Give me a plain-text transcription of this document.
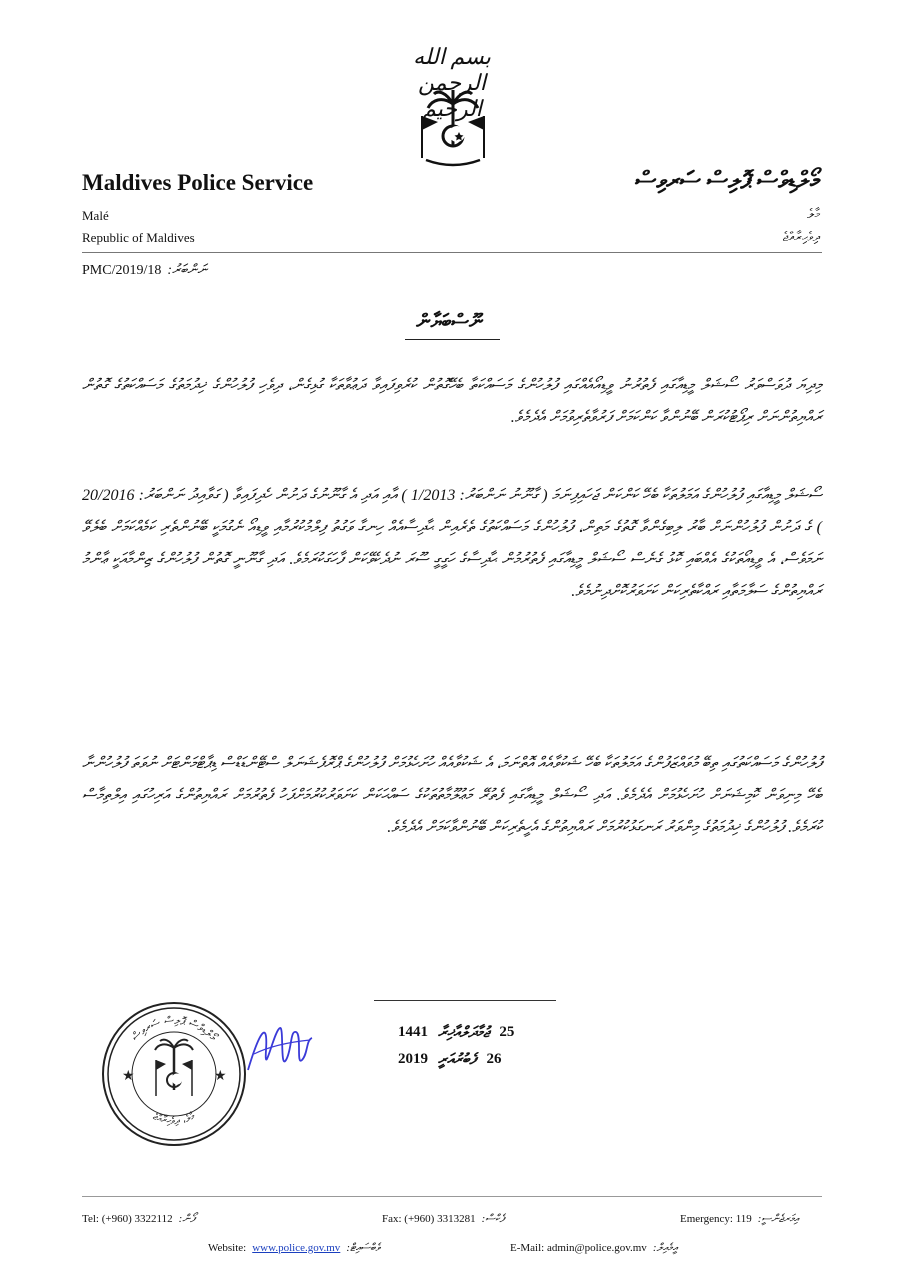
بسم الله الرحمن الرحيم
Maldives Police Service	މޯލްޑިވްސް ޕޮލިސް ސަރވިސް
Malé	މާލެ
Republic of Maldives	ދިވެހިރާއްޖެ
PMC/2019/18 ނަންބަރު:
ނޫސްބަޔާން
މިދިޔަ ދުވަސްވަރު ސޯޝަލް މީޑިއާގައި ފެތުރުނު ވީޑިއޯއެއްގައި ފުލުހުންގެ މަސައްކަތާ ބެހޭގޮތުން ކުރެވިފައިވާ ދަޢުވާތަކާ ގުޅިގެން، ދިވެހި ފުލުހުންގެ ޚިދުމަތުގެ މަސައްކަތުގެ ގޮތުން ރައްޔިތުންނަށް ރިޕޯޓުކުރަން ބޭނުންވާ ކަންކަމަށް ފަރުވާތެރިވުމަށް އެދެމެވެ.
ސޯޝަލް މީޑިއާގައި ފުލުހުންގެ އަމަލުތަކާ ބެހޭ ކަންކަން ޖަހައިފިނަމަ ( ގާނޫނު ނަންބަރު: 1/2013 ) އާއި އަދި އެ ގާނޫނުގެ ދަށުން ހެދިފައިވާ ( ގަވާއިދު ނަންބަރު: 20/2016 ) ގެ ދަށުން ފުލުހުންނަށް ބާރު ލިބިގެންވާ ގޮތުގެ މަތިން، ފުލުހުންގެ މަސައްކަތުގެ ތެރެއިން ޙާދިސާއެއް ހިނގާ ވަގުތު ފިލްމުކުރުމާއި ވީޑިއޯ ނެގުމަކީ ބޭނުންތެރި ކަމެއްކަމަށް ބެލެވޭ ނަމަވެސް، އެ ވީޑިއޯތަކުގެ އެއްބައި ކޮޅު ގެނެސް ސޯޝަލް މީޑިއާގައި ފެތުރުމުން ޙާދިސާގެ ހަގީގީ ސޫރަ ނުދެކެވޭކަން ފާހަގަކުރަމެވެ. އަދި ގާނޫނީ ގޮތުން ފުލުހުންގެ ޒިންމާއަކީ ޢާންމު ރައްޔިތުންގެ ސަލާމަތާއި ރައްކާތެރިކަން ކަށަވަރުކޮށްދިނުމެވެ.
ފުލުހުންގެ މަސައްކަތުގައި ތިބޭ މުވައްޒަފުންގެ އަމަލުތަކާ ބެހޭ ޝަކުވާއެއް އޮތްނަމަ، އެ ޝަކުވާއެއް ހުށަހެޅުމަށް ފުލުހުންގެ ޕްރޮފެޝަނަލް ސްޓޭންޑަޑްސް ޑިޕާޓްމަންޓަށް ނުވަތަ ފުލުހުންނާ ބެހޭ މިނިވަން ކޮމިޝަނަށް ހުށަހެޅުމަށް އެދެމެވެ. އަދި ސޯޝަލް މީޑިއާގައި ފެތުރޭ މަޢުލޫމާތުތަކުގެ ސައްޙަކަން ކަށަވަރުކުރުމަށްފަހު ފެތުރުމަށް ރައްޔިތުންގެ އަރިހުގައި އިލްތިމާސް ކުރަމެވެ. ފުލުހުންގެ ޚިދުމަތުގެ މިންވަރު ރަނގަޅުކުރުމަށް ރައްޔިތުންގެ އެހީތެރިކަން ބޭނުންވާކަމަށް އެދެމެވެ.
މޯލްޑިވްސް ޕޮލިސް ސަރވިސް
މާލެ، ދިވެހިރާއްޖެ
★	★
1441 ޖުމާދަލްއާޚިރާ 25
2019 ފެބުރުއަރީ 26
Tel: (+960) 3322112 ފޯން:	Fax: (+960) 3313281 ފެކްސް:	Emergency: 119 އިމަރޖެންސީ:
Website: www.police.gov.mv ވެބްސައިޓް:	E-Mail: admin@police.gov.mv އީމެއިލް:
